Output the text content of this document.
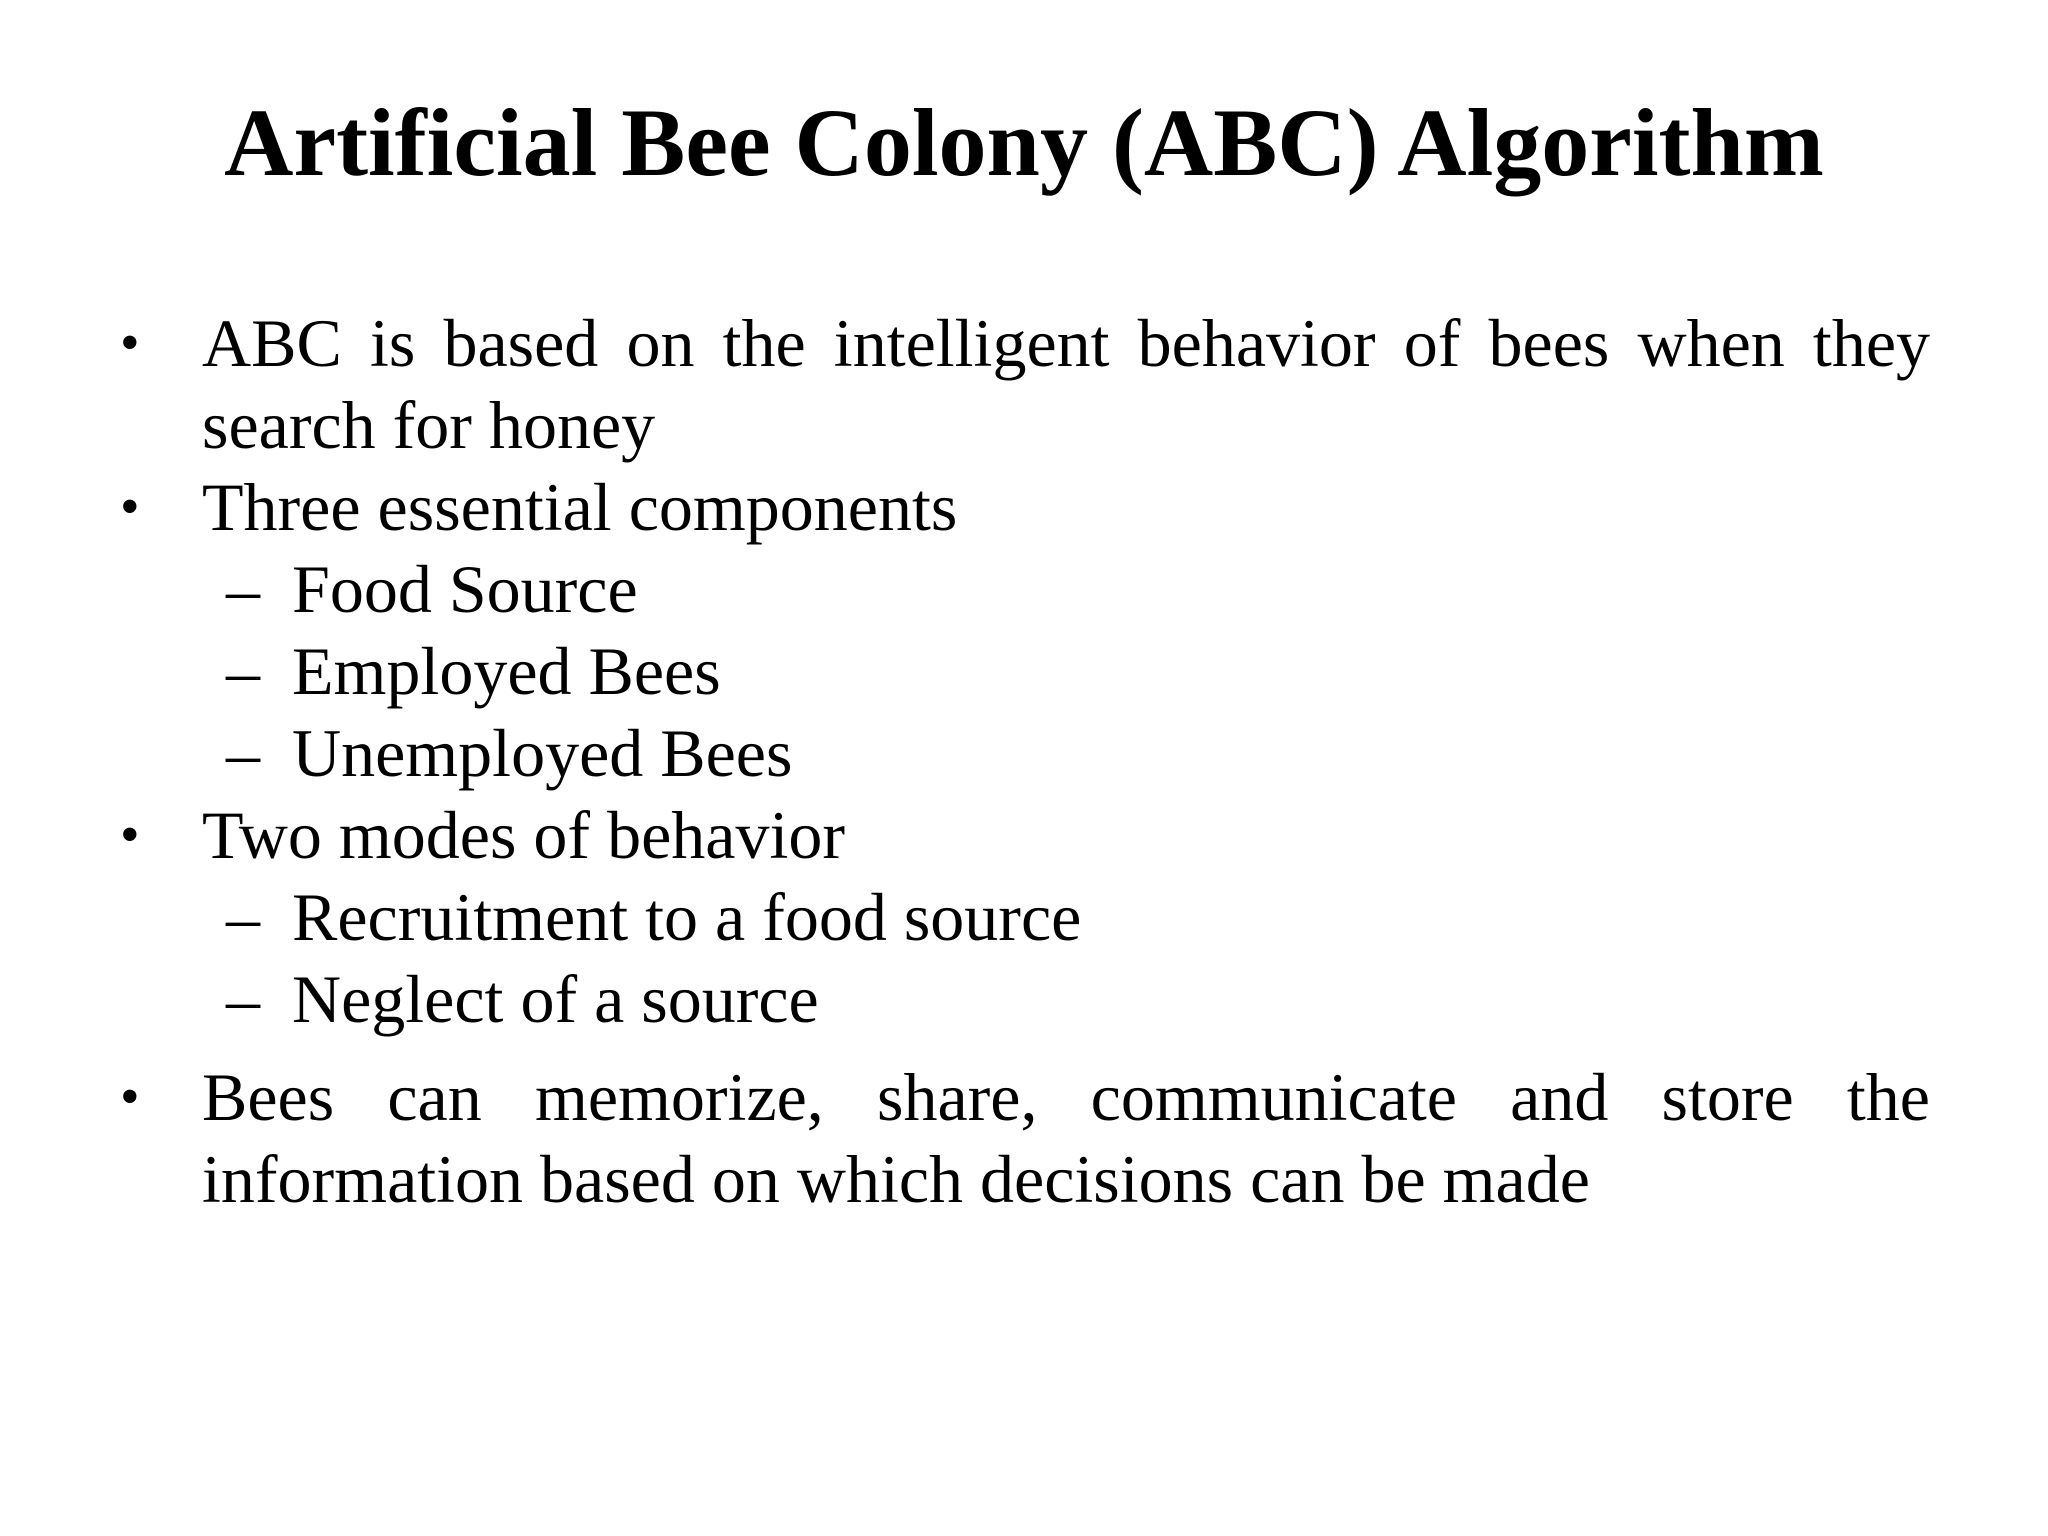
Artificial Bee Colony (ABC) Algorithm
• ABC is based on the intelligent behavior of bees when they search for honey
• Three essential components
– Food Source
– Employed Bees
– Unemployed Bees
• Two modes of behavior
– Recruitment to a food source
– Neglect of a source
• Bees can memorize, share, communicate and store the information based on which decisions can be made
